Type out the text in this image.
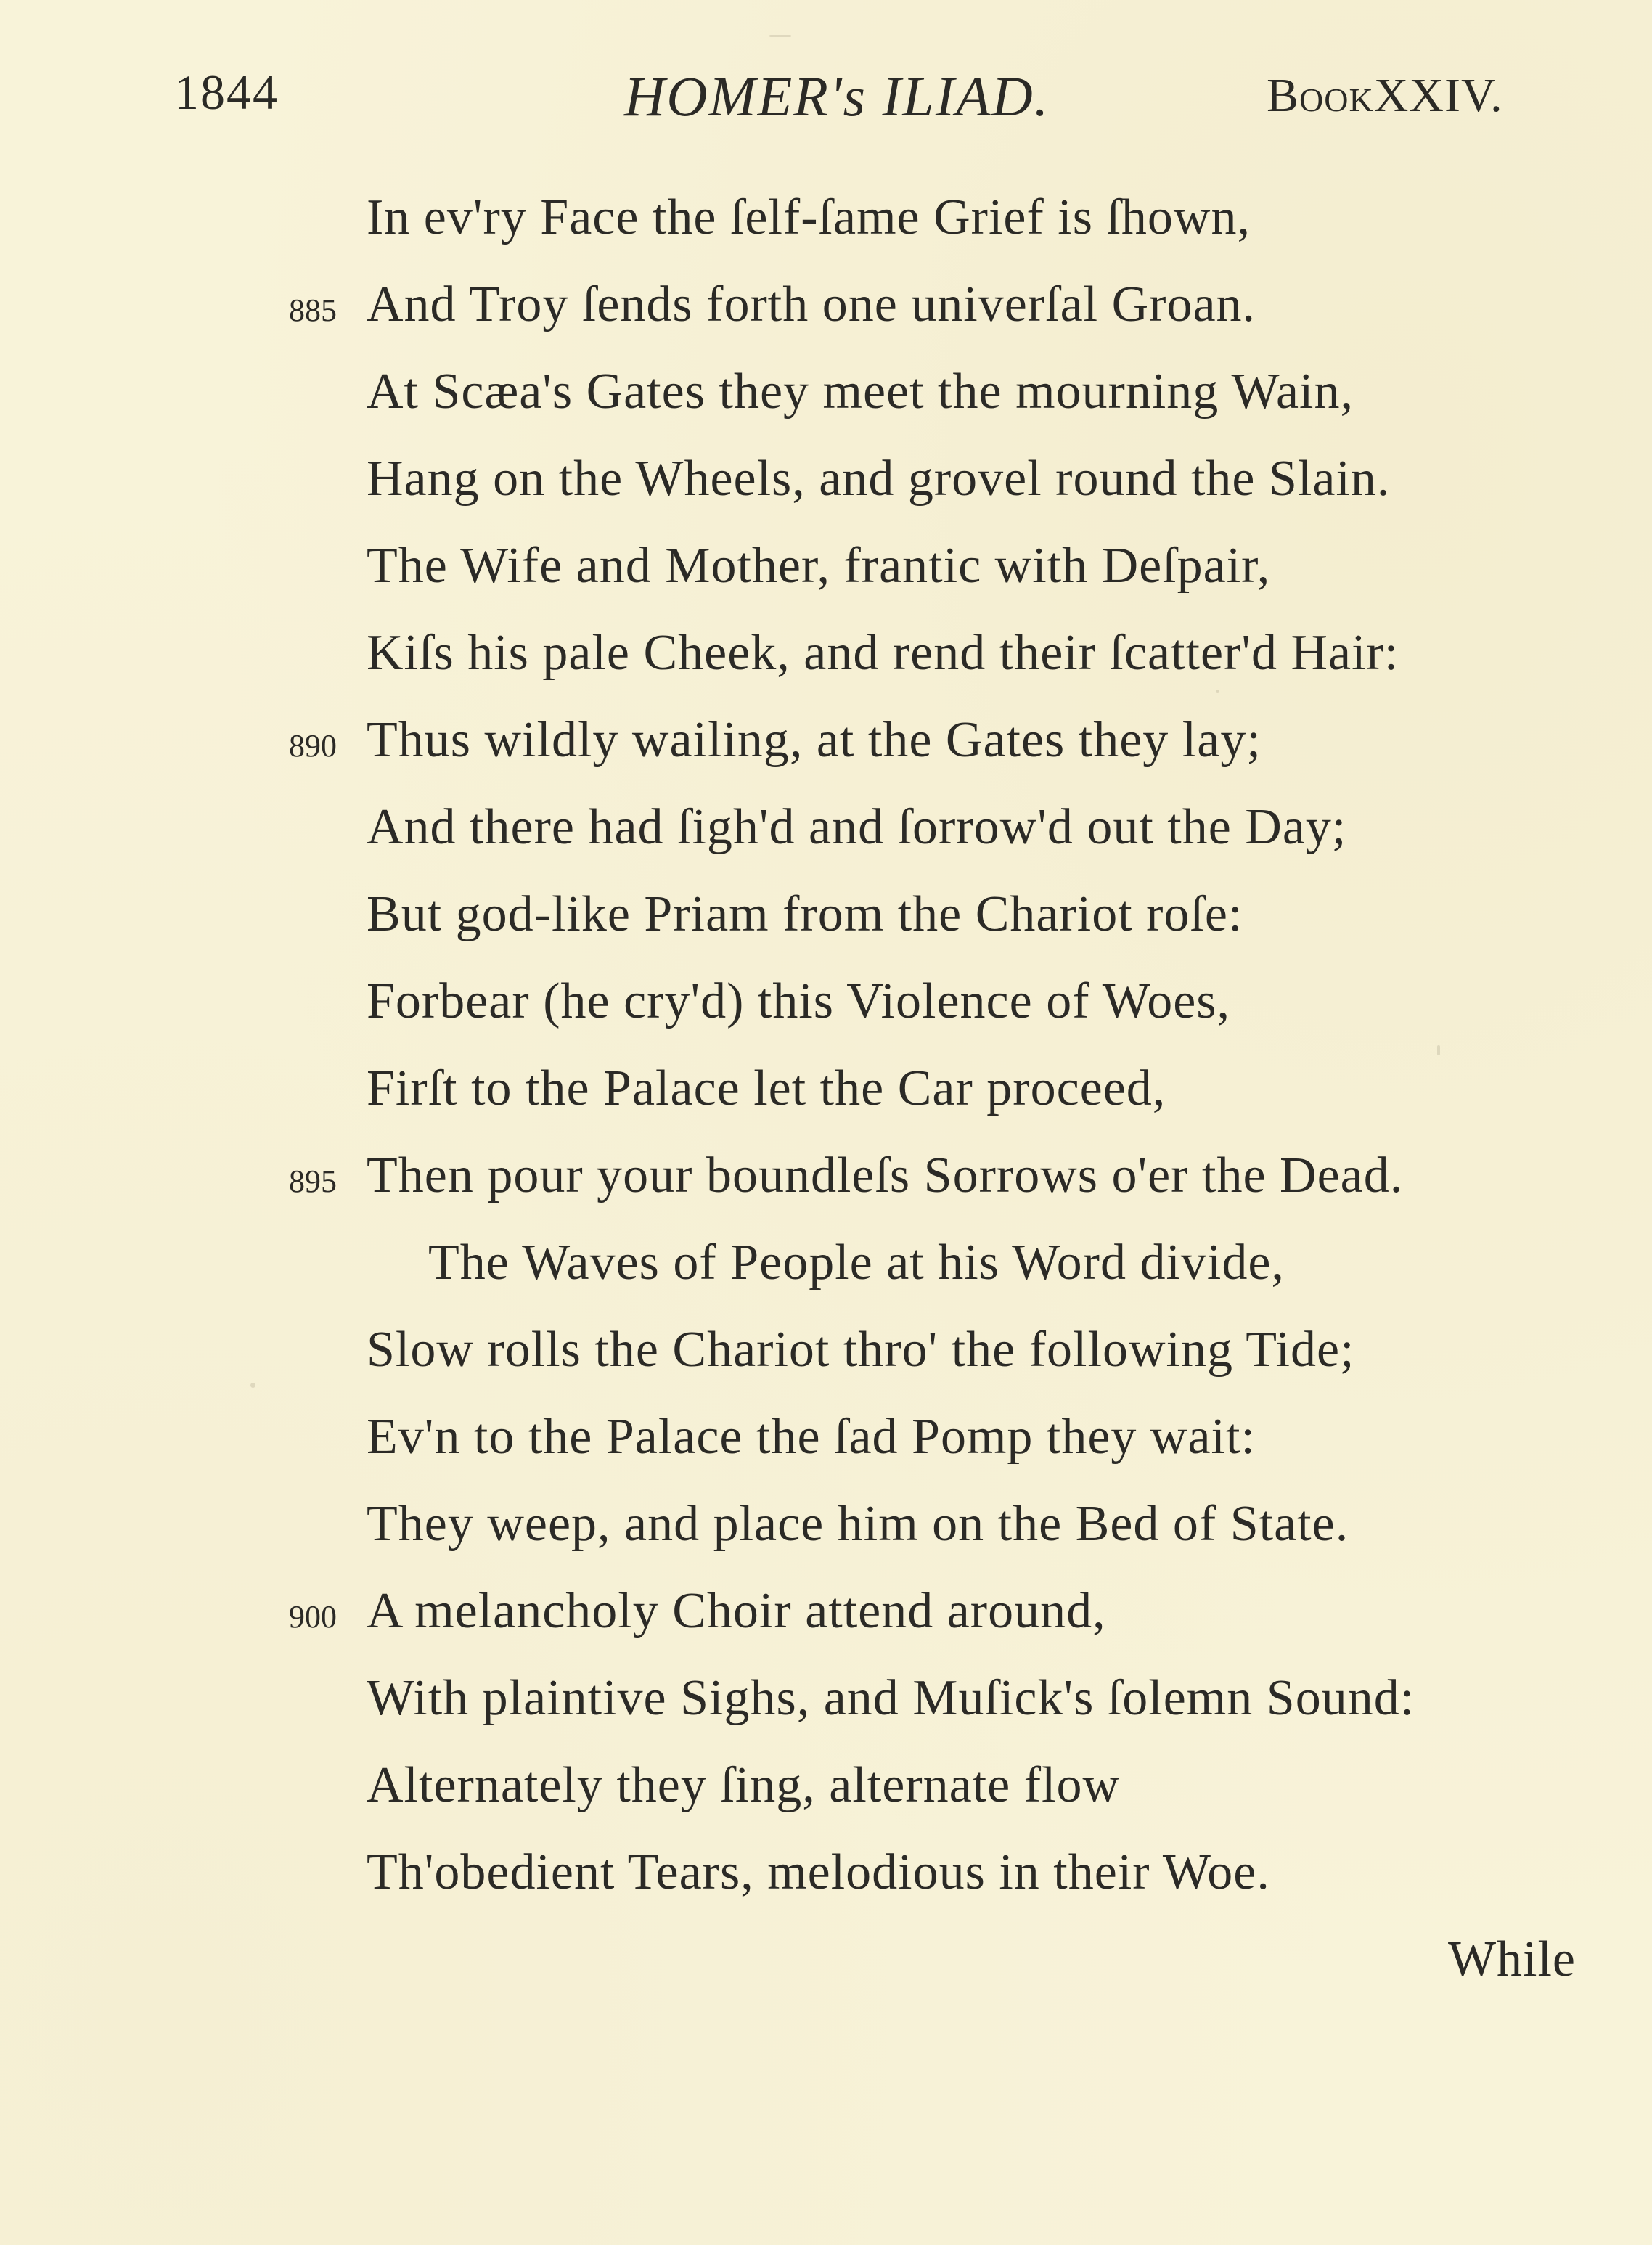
1844	HOMER's ILIAD.	BookXXIV.
In ev'ry Face the ſelf-ſame Grief is ſhown,
885 And Troy ſends forth one univerſal Groan.
At Scæa's Gates they meet the mourning Wain,
Hang on the Wheels, and grovel round the Slain.
The Wife and Mother, frantic with Deſpair,
Kiſs his pale Cheek, and rend their ſcatter'd Hair:
890 Thus wildly wailing, at the Gates they lay;
And there had ſigh'd and ſorrow'd out the Day;
But god-like Priam from the Chariot roſe:
Forbear (he cry'd) this Violence of Woes,
Firſt to the Palace let the Car proceed,
895 Then pour your boundleſs Sorrows o'er the Dead.
The Waves of People at his Word divide,
Slow rolls the Chariot thro' the following Tide;
Ev'n to the Palace the ſad Pomp they wait:
They weep, and place him on the Bed of State.
900 A melancholy Choir attend around,
With plaintive Sighs, and Muſick's ſolemn Sound:
Alternately they ſing, alternate flow
Th'obedient Tears, melodious in their Woe.
While
